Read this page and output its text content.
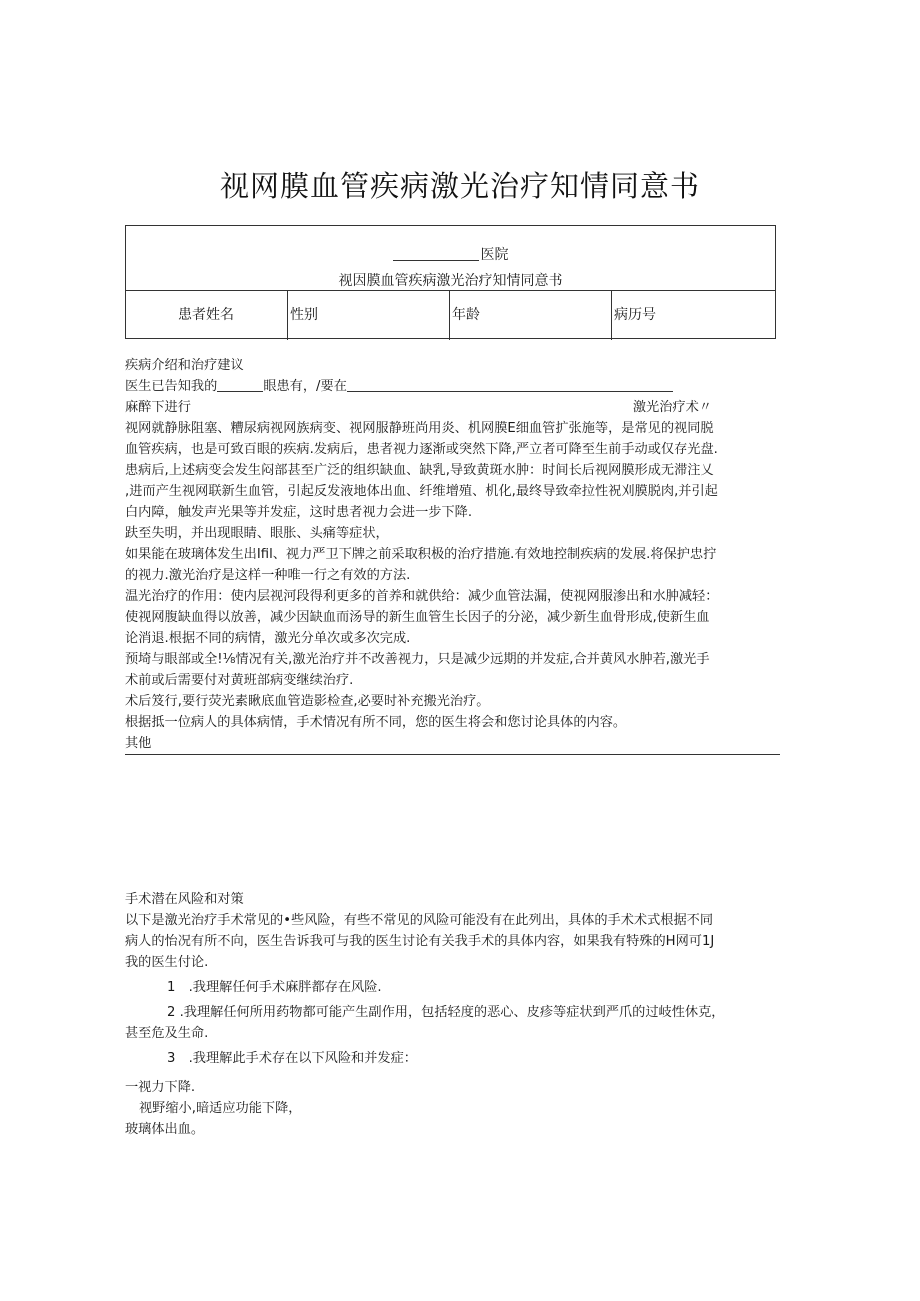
视网膜血管疾病激光治疗知情同意书
医院
视因膜血管疾病激光治疗知情同意书
患者姓名	性别	年龄	病历号
疾病介绍和治疗建议
医生已告知我的	眼患有，/要在
麻醉下进行	激光治疗术〃
视网就静脉阻塞、糟尿病视网族病变、视网服静班尚用炎、机网膜E细血管扩张施等，是常见的视同脱
血管疾病，也是可致百眼的疾病.发病后，患者视力逐渐或突然下降,严立者可降至生前手动或仅存光盘.
患病后,上述病变会发生闷部甚至广泛的组织缺血、缺乳,导致黄斑水肿：时间长后视网膜形成无滞注乂
,进而产生视网联新生血管，引起反发液地体出血、纤维增殖、机化,最终导致牵拉性祝刈膜脱肉,并引起
白内障，触发声光果等并发症，这时患者视力会进一步下降.
趺至失明，并出现眼睛、眼胀、头痛等症状，
如果能在玻璃体发生出Ifil、视力严卫下牌之前采取积极的治疗措施.有效地控制疾病的发展.将保护忠拧
的视力.激光治疗是这样一种唯一行之有效的方法.
温光治疗的作用：使内层视河段得利更多的首养和就供给：减少血管法漏，使视网服渗出和水肿减轻：
使视网腹缺血得以放善，减少因缺血而汤导的新生血管生长因子的分泌，减少新生血骨形成,使新生血
论消退.根据不同的病情，激光分单次或多次完成.
预埼与眼部或全!⅛情况有关,激光治疗并不改善视力，只是减少远期的并发症,合并黄风水肿若,激光手
术前或后需要付对黄班部病变继续治疗.
术后笈行,要行荧光素瞅底血管造影检查,必要时补充搬光治疗。
根据抵一位病人的具体病情，手术情况有所不同，您的医生将会和您讨论具体的内容。
其他
手术潜在风险和对策
以下是激光治疗手术常见的•些风险，有些不常见的风险可能没有在此列出，具体的手术术式根据不同
病人的怡况有所不向，医生告诉我可与我的医生讨论有关我手术的具体内容，如果我有特殊的H网可1J
我的医生付论.
1　.我理解任何手术麻胖都存在风险.
2 .我理解任何所用药物都可能产生副作用，包括轻度的恶心、皮疹等症状到严爪的过岐性休克，
甚至危及生命.
3　.我理解此手术存在以下风险和并发症：
一视力下降.
视野缩小,暗适应功能下降，
玻璃体出血。
